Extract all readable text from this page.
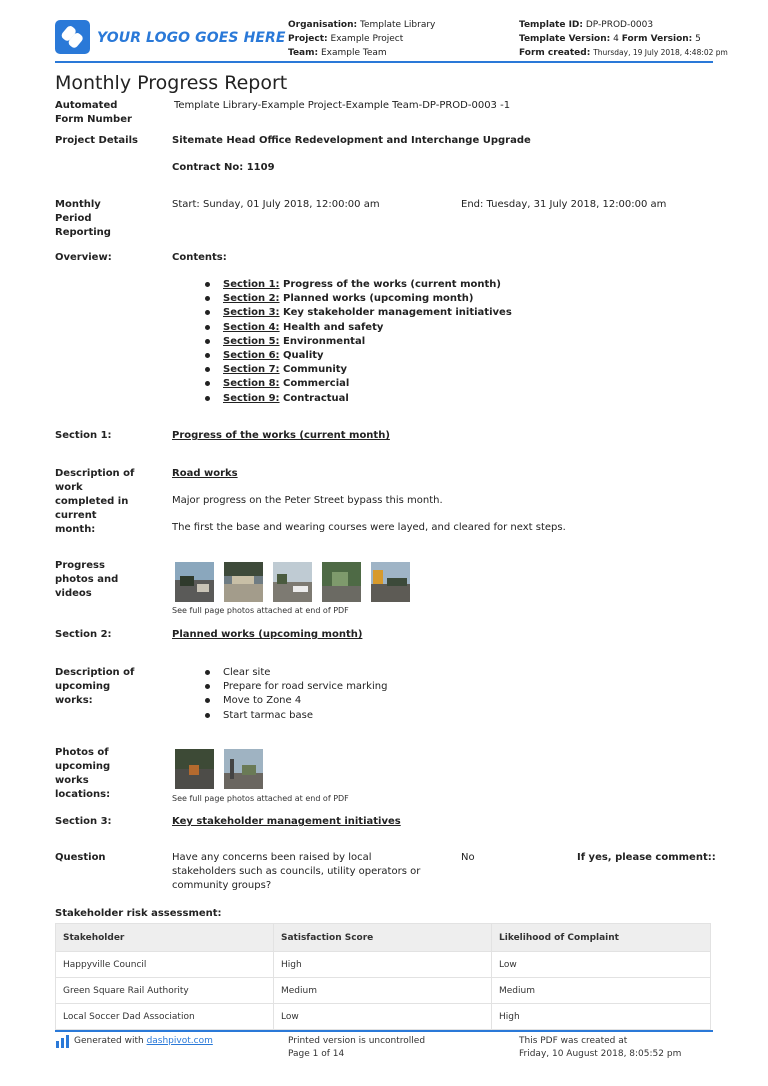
YOUR LOGO GOES HERE
Organisation: Template Library
Project: Example Project
Team: Example Team
Template ID: DP-PROD-0003
Template Version: 4 Form Version: 5
Form created: Thursday, 19 July 2018, 4:48:02 pm
Monthly Progress Report
Automated Form Number
Template Library-Example Project-Example Team-DP-PROD-0003 -1
Project Details	Sitemate Head Office Redevelopment and Interchange Upgrade
Contract No: 1109
Monthly Period Reporting
Start: Sunday, 01 July 2018, 12:00:00 am	End: Tuesday, 31 July 2018, 12:00:00 am
Overview:	Contents:
Section 1: Progress of the works (current month)
Section 2: Planned works (upcoming month)
Section 3: Key stakeholder management initiatives
Section 4: Health and safety
Section 5: Environmental
Section 6: Quality
Section 7: Community
Section 8: Commercial
Section 9: Contractual
Section 1:	Progress of the works (current month)
Description of work completed in current month:
Road works
Major progress on the Peter Street bypass this month.
The first the base and wearing courses were layed, and cleared for next steps.
Progress photos and videos
See full page photos attached at end of PDF
Section 2:	Planned works (upcoming month)
Description of upcoming works:
Clear site
Prepare for road service marking
Move to Zone 4
Start tarmac base
Photos of upcoming works locations:	See full page photos attached at end of PDF
Section 3:	Key stakeholder management initiatives
Question	Have any concerns been raised by local
stakeholders such as councils, utility operators or
community groups?
No	If yes, please comment::
Stakeholder risk assessment:
Stakeholder	Satisfaction Score	Likelihood of Complaint
Happyville Council	High	Low
Green Square Rail Authority	Medium	Medium
Local Soccer Dad Association	Low	High
Generated with dashpivot.com	Printed version is uncontrolled
Page 1 of 14
This PDF was created at
Friday, 10 August 2018, 8:05:52 pm
